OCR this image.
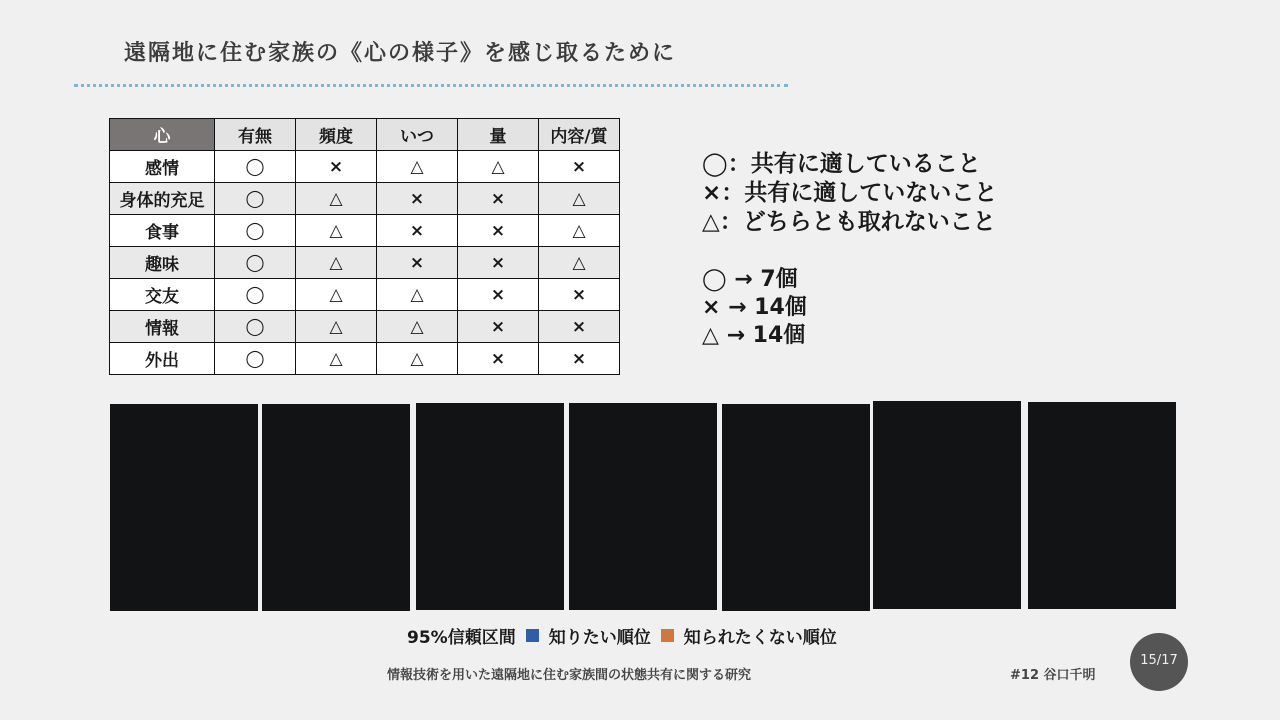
遠隔地に住む家族の《心の様子》を感じ取るために
心	有無	頻度	いつ	量	内容/質
感情	◯	×	△	△	×
身体的充足	◯	△	×	×	△
食事	◯	△	×	×	△
趣味	◯	△	×	×	△
交友	◯	△	△	×	×
情報	◯	△	△	×	×
外出	◯	△	△	×	×
◯：共有に適していること
×：共有に適していないこと
△：どちらとも取れないこと
◯ → 7個
× → 14個
△ → 14個
95%信頼区間 知りたい順位 知られたくない順位
情報技術を用いた遠隔地に住む家族間の状態共有に関する研究	#12 谷口千明
15/17
